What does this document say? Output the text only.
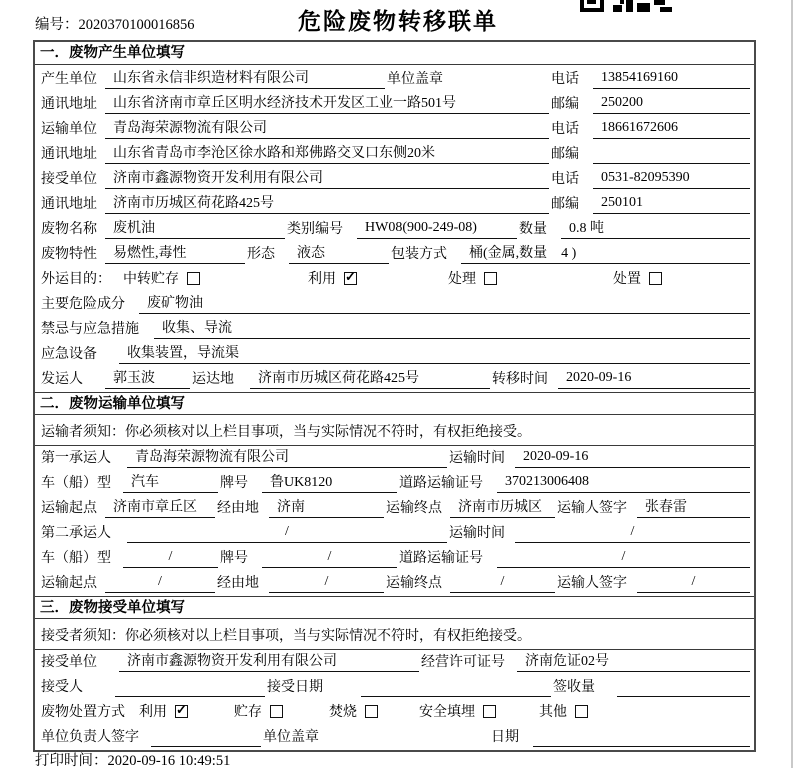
编号：2020370100016856	危险废物转移联单
一．废物产生单位填写
产生单位	山东省永信非织造材料有限公司	单位盖章	电话	13854169160
通讯地址	山东省济南市章丘区明水经济技术开发区工业一路501号	邮编	250200
运输单位	青岛海荣源物流有限公司	电话	18661672606
通讯地址	山东省青岛市李沧区徐水路和郑佛路交叉口东侧20米	邮编
接受单位	济南市鑫源物资开发利用有限公司	电话	0531-82095390
通讯地址	济南市历城区荷花路425号	邮编	250101
废物名称	废机油	类别编号	HW08(900-249-08)	数量	0.8 吨
废物特性	易燃性,毒性	形态	液态	包装方式	桶(金属,数量　4 )
外运目的： 中转贮存	利用 ✓	处理	处置
主要危险成分	废矿物油
禁忌与应急措施	收集、导流
应急设备	收集装置，导流渠
发运人	郭玉波	运达地	济南市历城区荷花路425号	转移时间	2020-09-16
二．废物运输单位填写
运输者须知：你必须核对以上栏目事项，当与实际情况不符时，有权拒绝接受。
第一承运人	青岛海荣源物流有限公司	运输时间	2020-09-16
车（船）型	汽车	牌号	鲁UK8120	道路运输证号	370213006408
运输起点	济南市章丘区	经由地	济南	运输终点	济南市历城区	运输人签字	张春雷
第二承运人	/	运输时间	/
车（船）型	/	牌号	/	道路运输证号	/
运输起点	/	经由地	/	运输终点	/	运输人签字	/
三．废物接受单位填写
接受者须知：你必须核对以上栏目事项，当与实际情况不符时，有权拒绝接受。
接受单位	济南市鑫源物资开发利用有限公司	经营许可证号	济南危证02号
接受人	接受日期	签收量
废物处置方式	利用 ✓	贮存	焚烧	安全填埋	其他
单位负责人签字	单位盖章	日期
打印时间：2020-09-16 10:49:51
